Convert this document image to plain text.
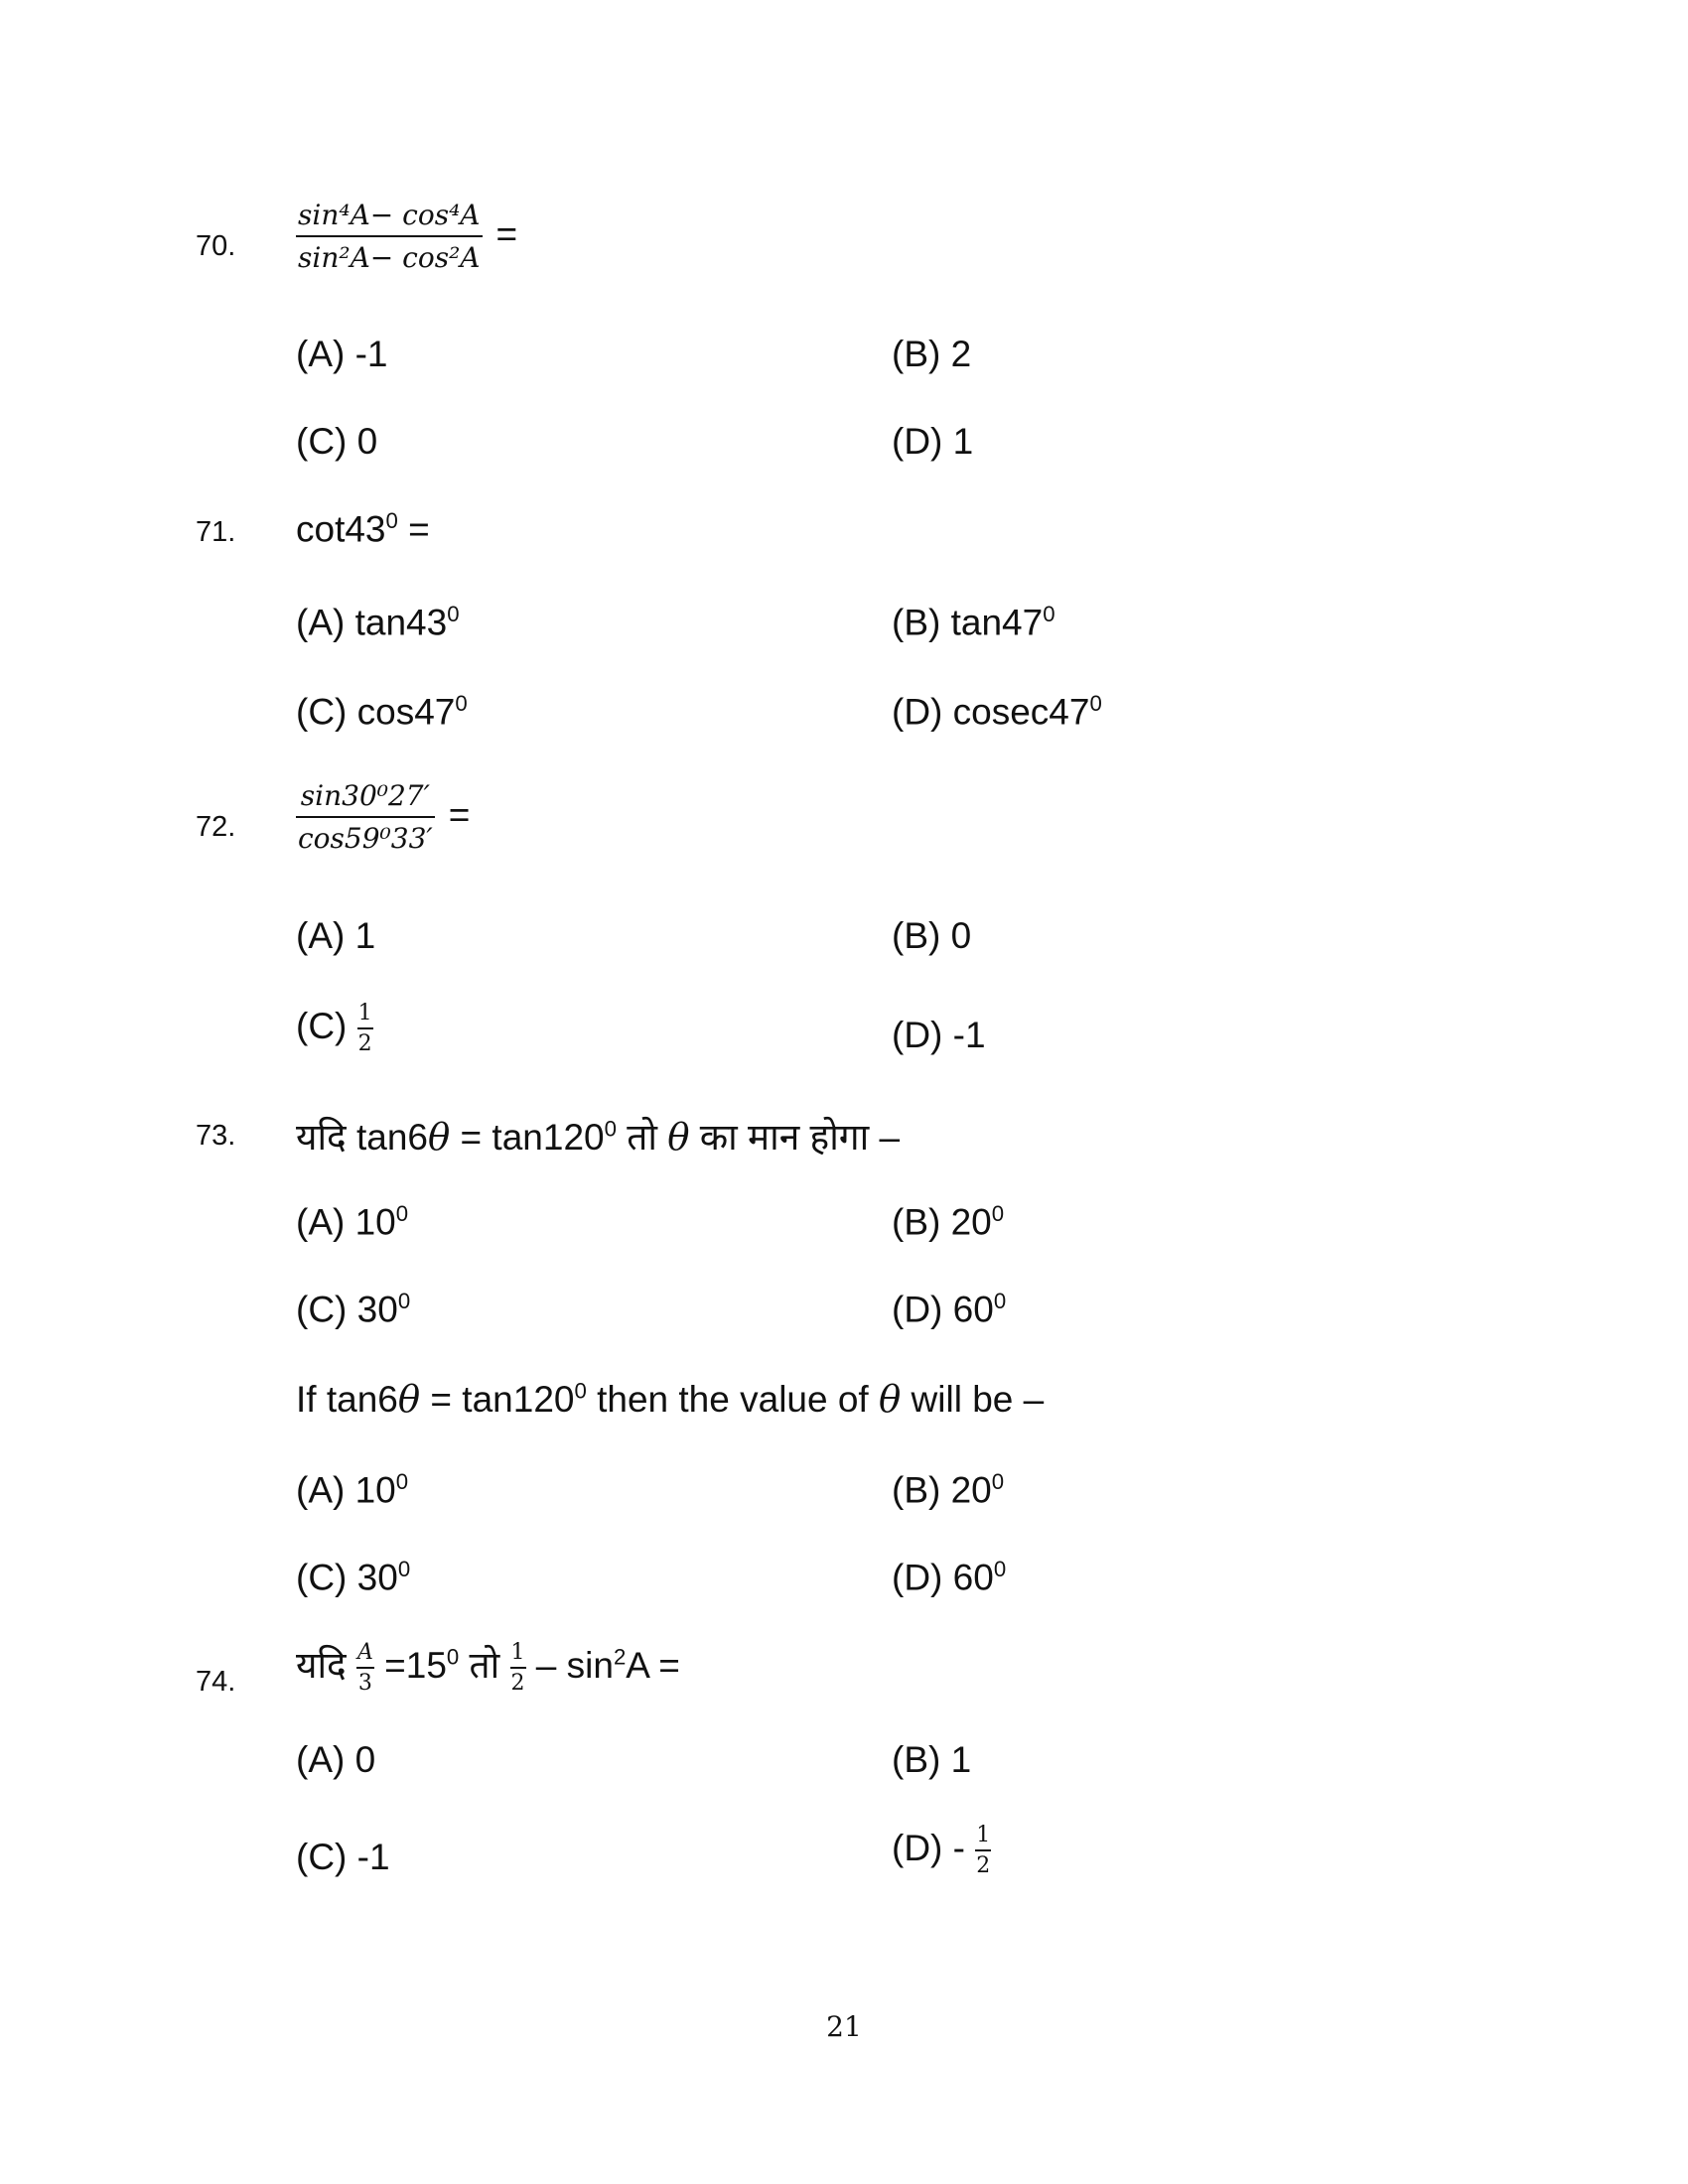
70. $\frac{\text{sin⁴A− cos⁴A}}{\text{sin²A− cos²A}}$ =
(A) -1	(B) 2
(C) 0	(D) 1
71. $\cot 43^0$ =
(A) $\tan 43^0$	(B) $\tan 47^0$
(C) $\cos 47^0$	(D) $cosec47^0$
72. $\frac{\text{sin30⁰27′}}{\text{cos59⁰33′}}$ =
(A) 1	(B) 0
$(C) \frac{1}{2}$	(D) -1
73. यदि $\tan 6\theta = \tan 120^0$ तो θ का मान होगा –
(A) $10^0$	(B) $20^0$
(C) $30^0$	(D) $60^0$
If $\tan 6\theta = \tan 120^0$ then the value of θ will be –
(A) $10^0$	(B) $20^0$
(C) $30^0$	(D) $60^0$
74. यदि $\frac{A}{3} =15^0$ तो $\frac{1}{2} - \sin^2A$ =
(A) 0	(B) 1
(C) -1	$(D) - \frac{1}{2}$
21
